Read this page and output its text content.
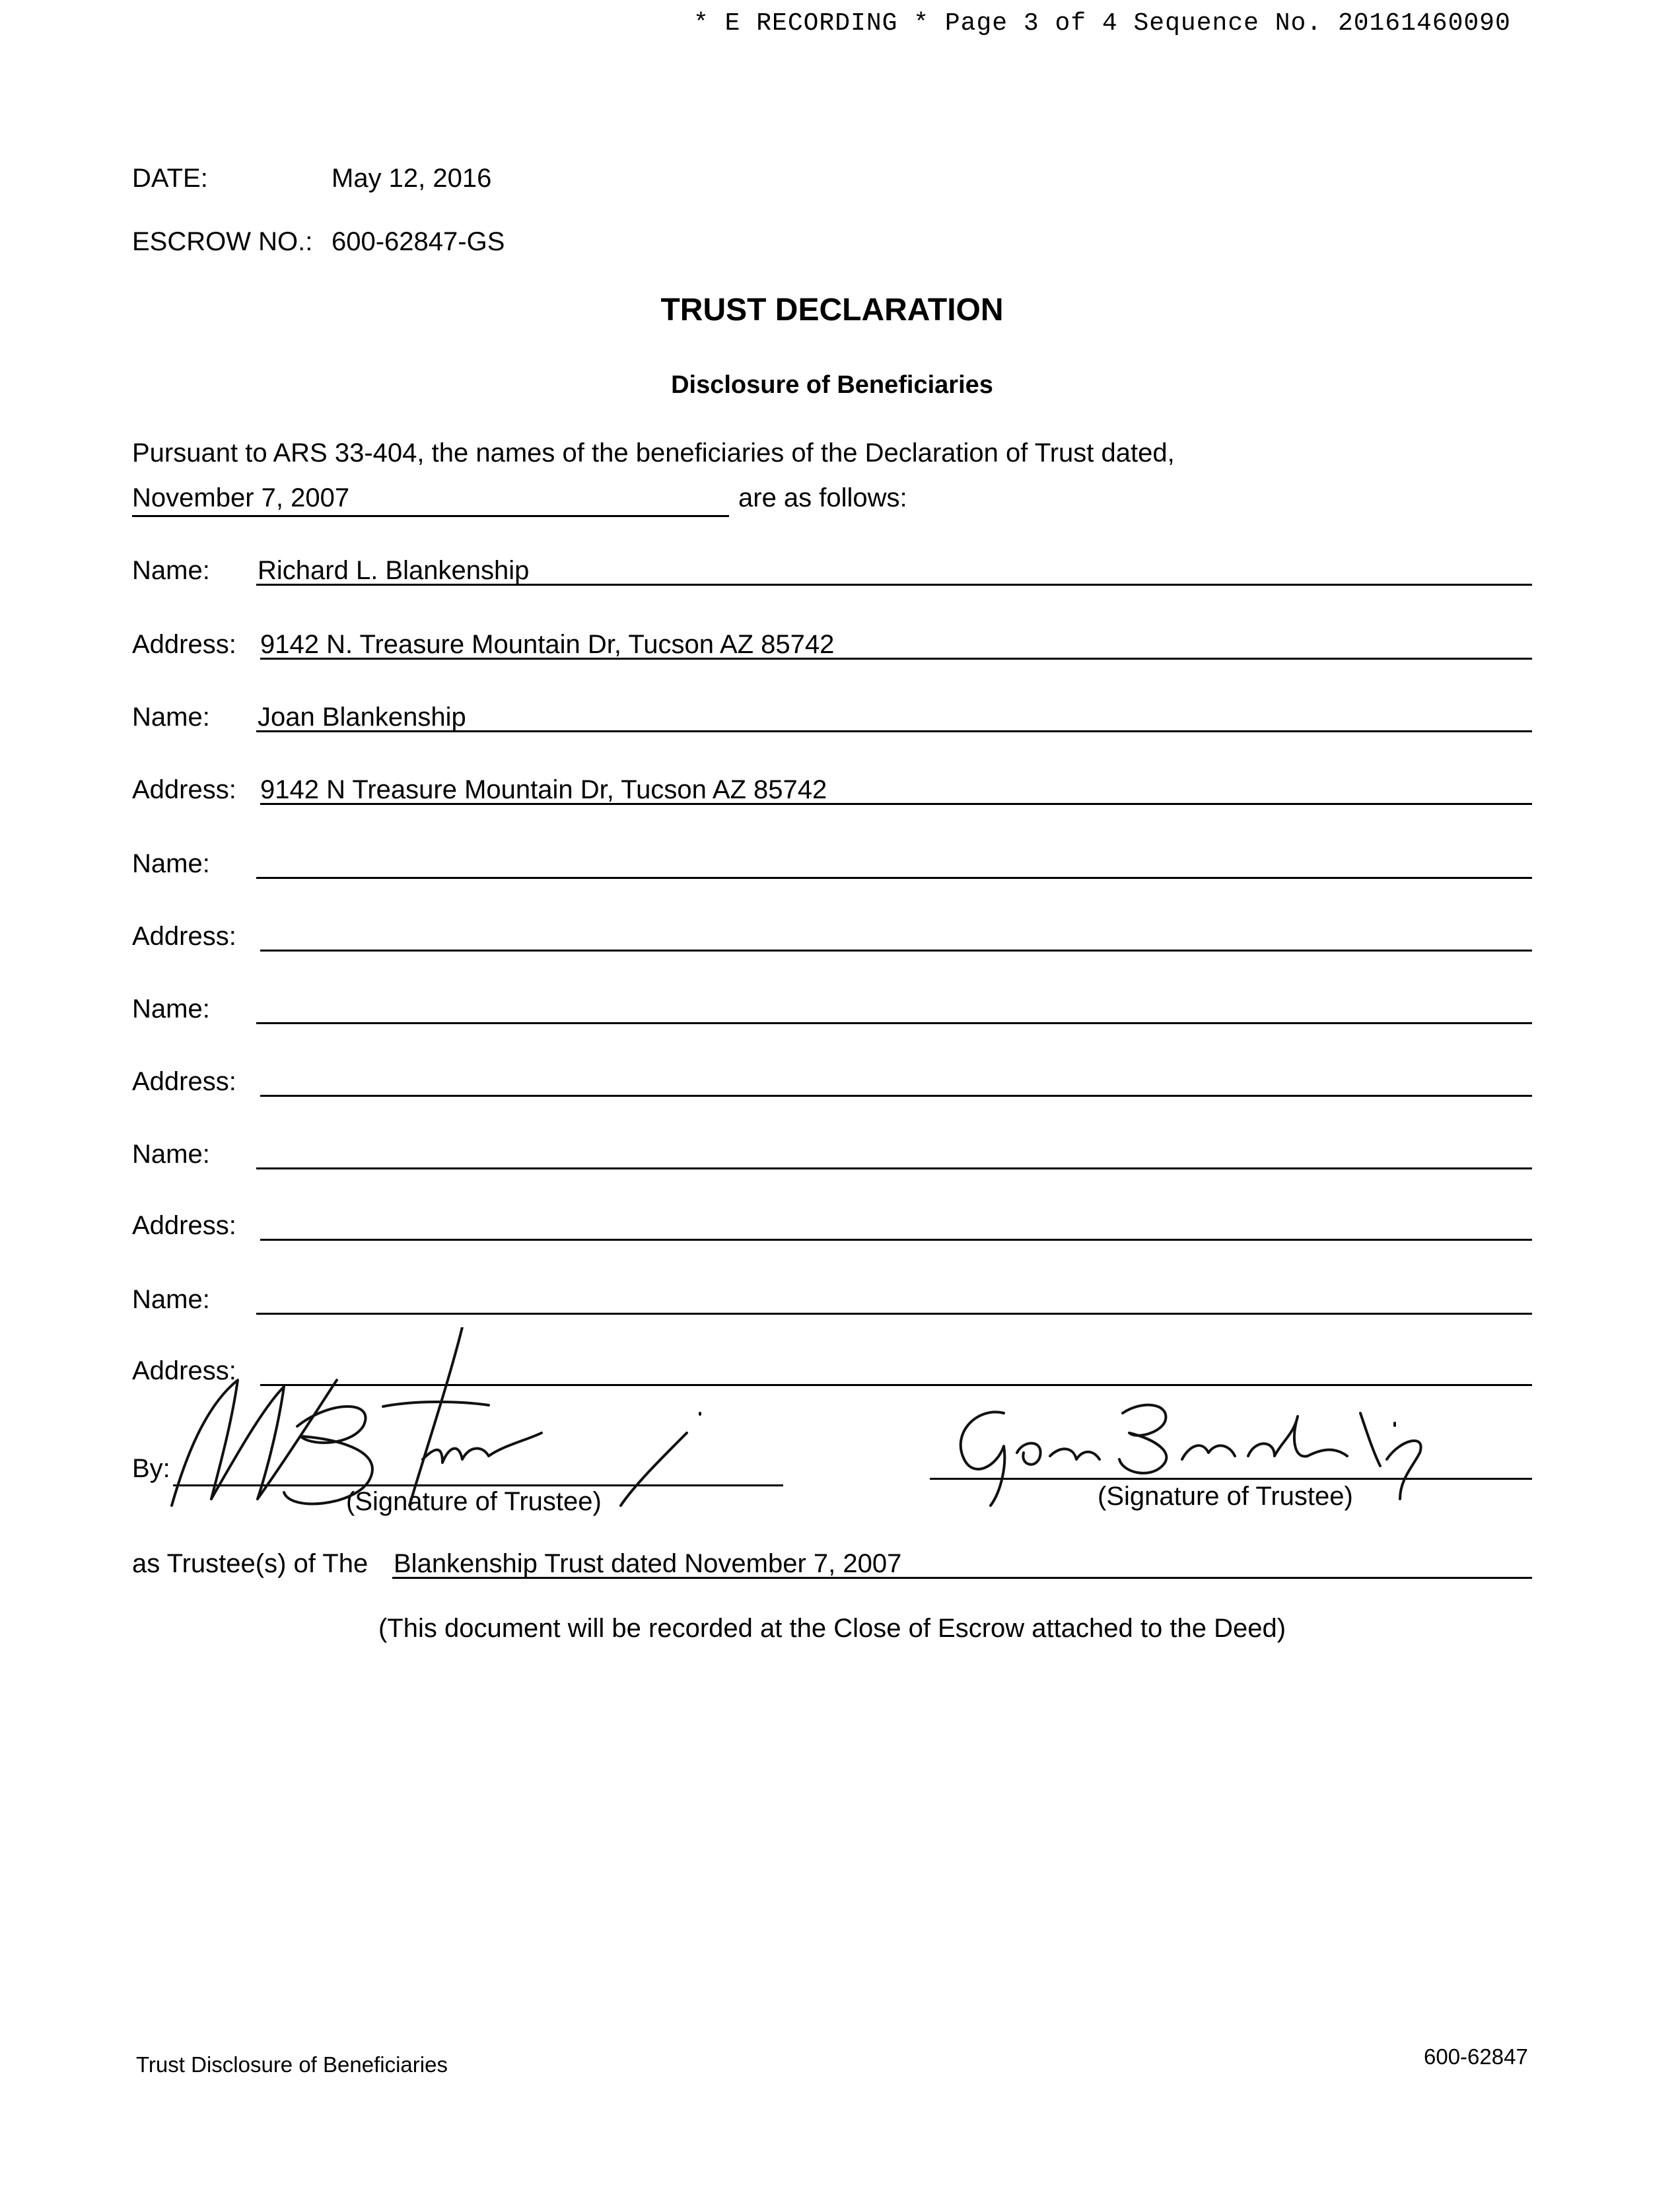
* E RECORDING * Page 3 of 4 Sequence No. 20161460090
DATE:	May 12, 2016
ESCROW NO.: 600-62847-GS
TRUST DECLARATION
Disclosure of Beneficiaries
Pursuant to ARS 33-404, the names of the beneficiaries of the Declaration of Trust dated,
November 7, 2007	are as follows:
Name: Richard L. Blankenship
Address: 9142 N. Treasure Mountain Dr, Tucson AZ 85742
Name: Joan Blankenship
Address: 9142 N Treasure Mountain Dr, Tucson AZ 85742
Name:
Address:
Name:
Address:
Name:
Address:
Name:
Address:
By:
(Signature of Trustee)	(Signature of Trustee)
as Trustee(s) of The Blankenship Trust dated November 7, 2007
(This document will be recorded at the Close of Escrow attached to the Deed)
Trust Disclosure of Beneficiaries	600-62847
